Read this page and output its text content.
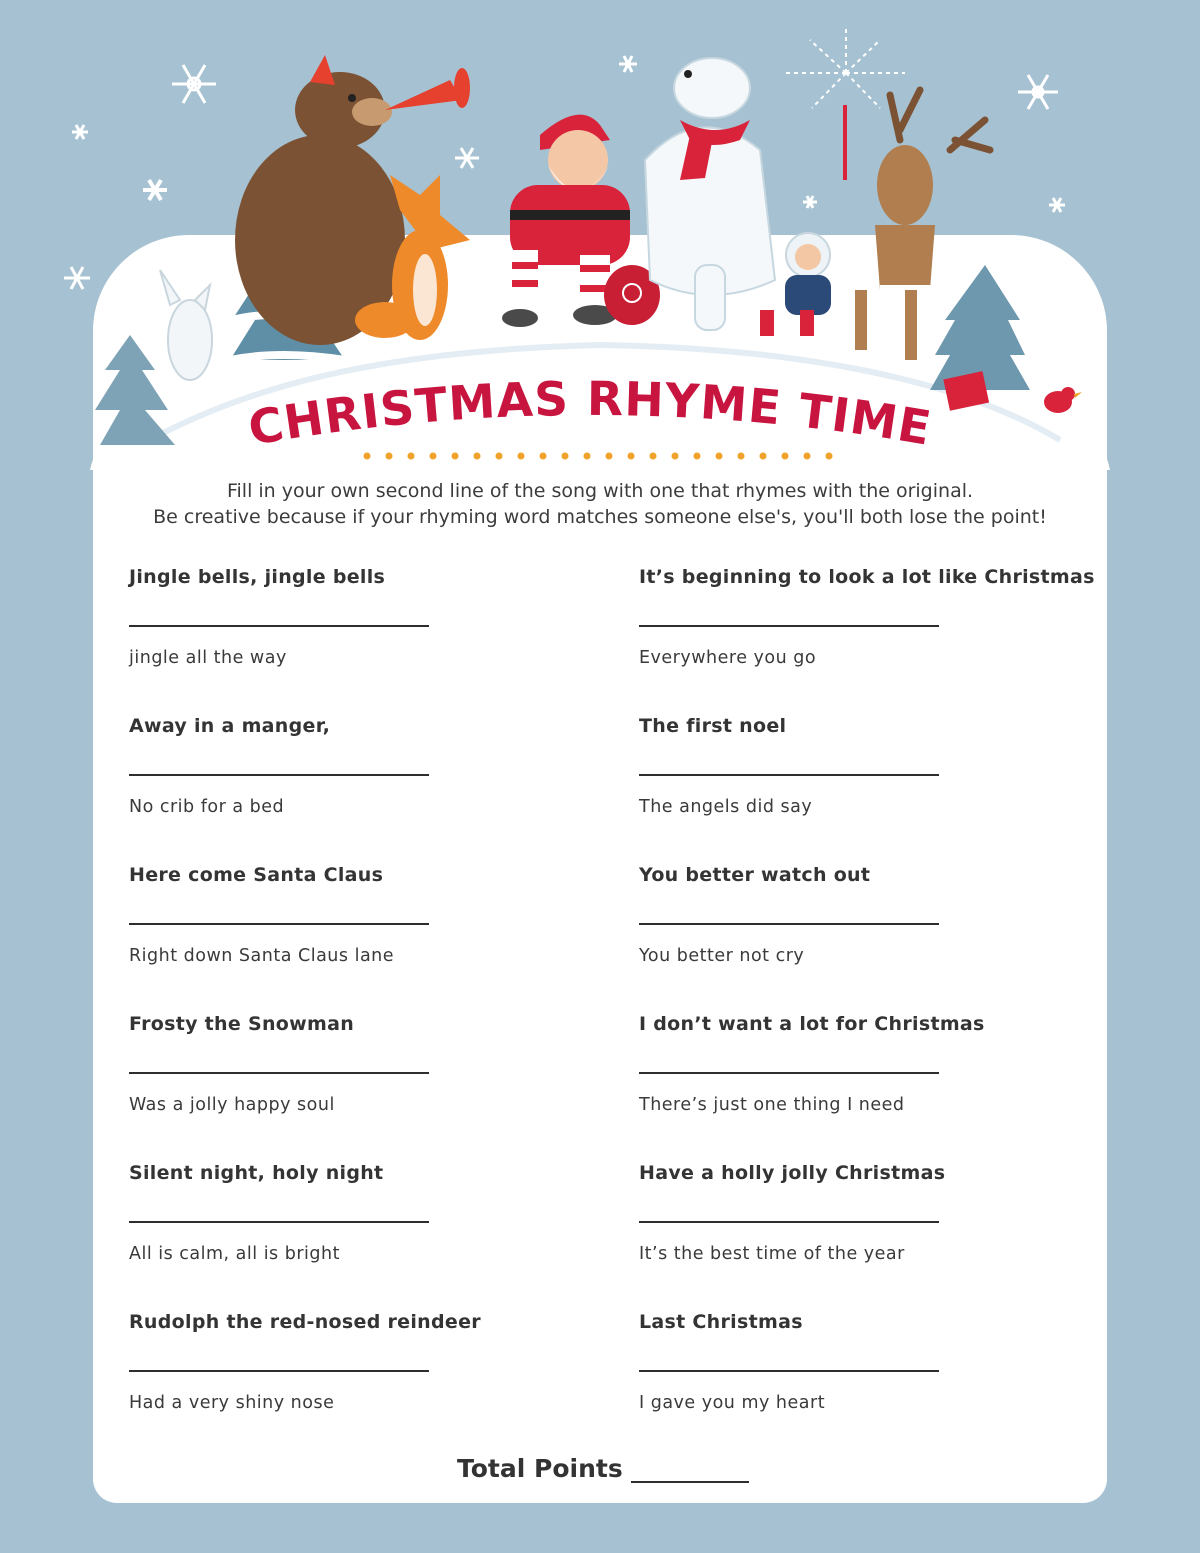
CHRISTMAS RHYME TIME

Fill in your own second line of the song with one that rhymes with the original.

Be creative because if your rhyming word matches someone else's, you'll both lose the point!

Jingle bells, jingle bells
jingle all the way
Away in a manger,
No crib for a bed
Here come Santa Claus
Right down Santa Claus lane
Frosty the Snowman
Was a jolly happy soul
Silent night, holy night
All is calm, all is bright
Rudolph the red-nosed reindeer
Had a very shiny nose
It’s beginning to look a lot like Christmas
Everywhere you go
The first noel
The angels did say
You better watch out
You better not cry
I don’t want a lot for Christmas
There’s just one thing I need
Have a holly jolly Christmas
It’s the best time of the year
Last Christmas
I gave you my heart
Total Points
